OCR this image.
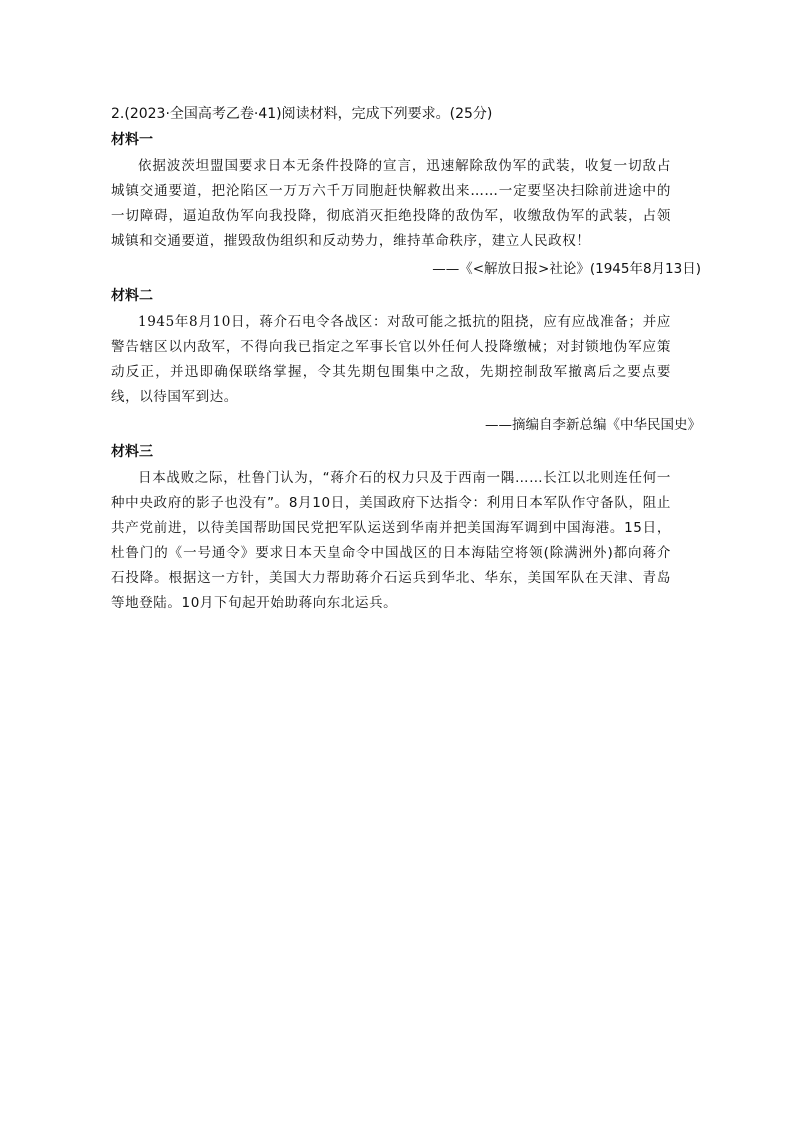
2.(2023·全国高考乙卷·41)阅读材料，完成下列要求。(25分)
材料一

依据波茨坦盟国要求日本无条件投降的宣言，迅速解除敌伪军的武装，收复一切敌占城镇交通要道，把沦陷区一万万六千万同胞赶快解救出来……一定要坚决扫除前进途中的一切障碍，逼迫敌伪军向我投降，彻底消灭拒绝投降的敌伪军，收缴敌伪军的武装，占领城镇和交通要道，摧毁敌伪组织和反动势力，维持革命秩序，建立人民政权！

——《<解放日报>社论》(1945年8月13日)
材料二

1945年8月10日，蒋介石电令各战区：对敌可能之抵抗的阻挠，应有应战准备；并应警告辖区以内敌军，不得向我已指定之军事长官以外任何人投降缴械；对封锁地伪军应策动反正，并迅即确保联络掌握，令其先期包围集中之敌，先期控制敌军撤离后之要点要线，以待国军到达。

——摘编自李新总编《中华民国史》
材料三

日本战败之际，杜鲁门认为，“蒋介石的权力只及于西南一隅……长江以北则连任何一种中央政府的影子也没有”。8月10日，美国政府下达指令：利用日本军队作守备队，阻止共产党前进，以待美国帮助国民党把军队运送到华南并把美国海军调到中国海港。15日，杜鲁门的《一号通令》要求日本天皇命令中国战区的日本海陆空将领(除满洲外)都向蒋介石投降。根据这一方针，美国大力帮助蒋介石运兵到华北、华东，美国军队在天津、青岛等地登陆。10月下旬起开始助蒋向东北运兵。
